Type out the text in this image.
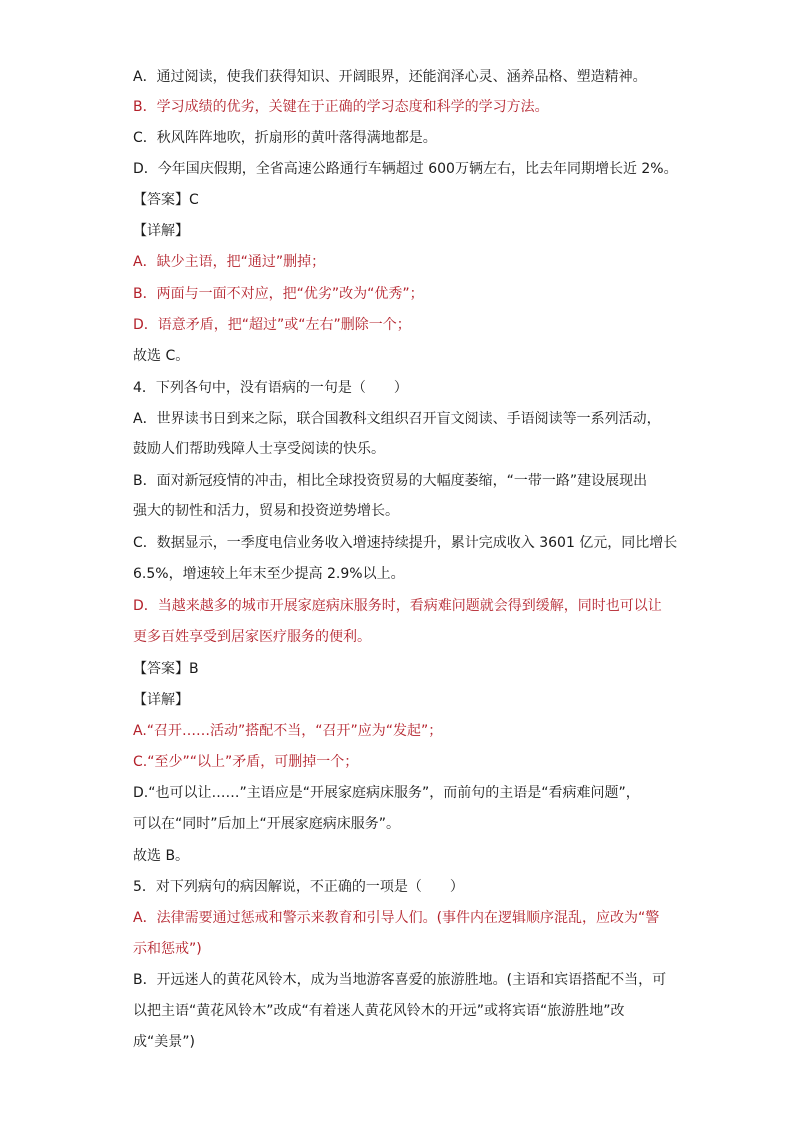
A．通过阅读，使我们获得知识、开阔眼界，还能润泽心灵、涵养品格、塑造精神。
B．学习成绩的优劣，关键在于正确的学习态度和科学的学习方法。
C．秋风阵阵地吹，折扇形的黄叶落得满地都是。
D．今年国庆假期，全省高速公路通行车辆超过 600万辆左右，比去年同期增长近 2%。
【答案】C
【详解】
A．缺少主语，把“通过”删掉；
B．两面与一面不对应，把“优劣”改为“优秀”；
D．语意矛盾，把“超过”或“左右”删除一个；
故选 C。
4．下列各句中，没有语病的一句是（　　）
A．世界读书日到来之际，联合国教科文组织召开盲文阅读、手语阅读等一系列活动，
鼓励人们帮助残障人士享受阅读的快乐。
B．面对新冠疫情的冲击，相比全球投资贸易的大幅度萎缩，“一带一路”建设展现出
强大的韧性和活力，贸易和投资逆势增长。
C．数据显示，一季度电信业务收入增速持续提升，累计完成收入 3601 亿元，同比增长
6.5%，增速较上年末至少提高 2.9%以上。
D．当越来越多的城市开展家庭病床服务时，看病难问题就会得到缓解，同时也可以让
更多百姓享受到居家医疗服务的便利。
【答案】B
【详解】
A.“召开……活动”搭配不当，“召开”应为“发起”；
C.“至少”“以上”矛盾，可删掉一个；
D.“也可以让……”主语应是“开展家庭病床服务”，而前句的主语是“看病难问题”，
可以在“同时”后加上“开展家庭病床服务”。
故选 B。
5．对下列病句的病因解说，不正确的一项是（　　）
A．法律需要通过惩戒和警示来教育和引导人们。(事件内在逻辑顺序混乱，应改为“警
示和惩戒”)
B．开远迷人的黄花风铃木，成为当地游客喜爱的旅游胜地。(主语和宾语搭配不当，可
以把主语“黄花风铃木”改成“有着迷人黄花风铃木的开远”或将宾语“旅游胜地”改
成“美景”)
